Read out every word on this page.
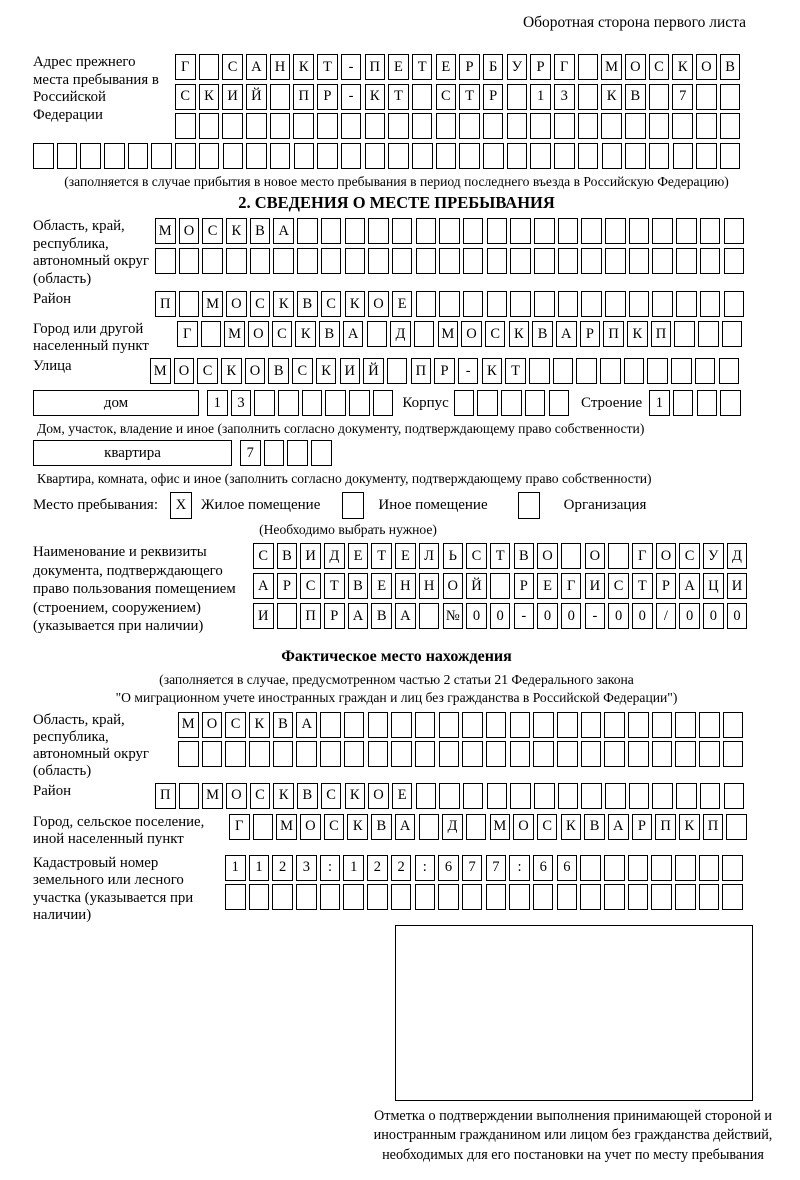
Оборотная сторона первого листа
Адрес прежнего места пребывания в Российской Федерации
Г	С А Н К Т	-	П Е	Т	Е	Р	Б У	Р	Г	М О С К О В
С К И Й	П Р	-	К Т	С Т	Р	1	3	К В	7
(заполняется в случае прибытия в новое место пребывания в период последнего въезда в Российскую Федерацию)
2. СВЕДЕНИЯ О МЕСТЕ ПРЕБЫВАНИЯ
Область, край, республика, автономный округ (область)
М О С К В А
Район	П	М О С К В С К О Е
Город или другой населенный пункт
Г	М О С К В А	Д	М О С К В А Р П К П
Улица	М О С К О В С К И Й	П Р	-	К Т
дом	1	3	Корпус	Строение 1
Дом, участок, владение и иное (заполнить согласно документу, подтверждающему право собственности)
квартира	7
Квартира, комната, офис и иное (заполнить согласно документу, подтверждающему право собственности)
Место пребывания:	X Жилое помещение	Иное помещение	Организация
(Необходимо выбрать нужное)
Наименование и реквизиты документа, подтверждающего право пользования помещением (строением, сооружением) (указывается при наличии)
С В И Д Е	Т	Е Л	Ь	С Т В О	О	Г О С У Д
А Р	С Т В Е Н Н О Й	Р	Е	Г И С Т	Р А Ц И
И	П Р А В А	№ 0	0	-	0	0	-	0	0	/	0	0	0
Фактическое место нахождения
(заполняется в случае, предусмотренном частью 2 статьи 21 Федерального закона
"О миграционном учете иностранных граждан и лиц без гражданства в Российской Федерации")
Область, край, республика, автономный округ (область)
М О С К В А
Район	П	М О С К В С К О Е
Город, сельское поселение, иной населенный пункт
Г	М О С К В А	Д	М О С К В А Р П К П
Кадастровый номер земельного или лесного участка (указывается при наличии)
1	1	2	3	:	1	2	2	:	6	7	7	:	6	6
Отметка о подтверждении выполнения принимающей стороной и иностранным гражданином или лицом без гражданства действий, необходимых для его постановки на учет по месту пребывания
